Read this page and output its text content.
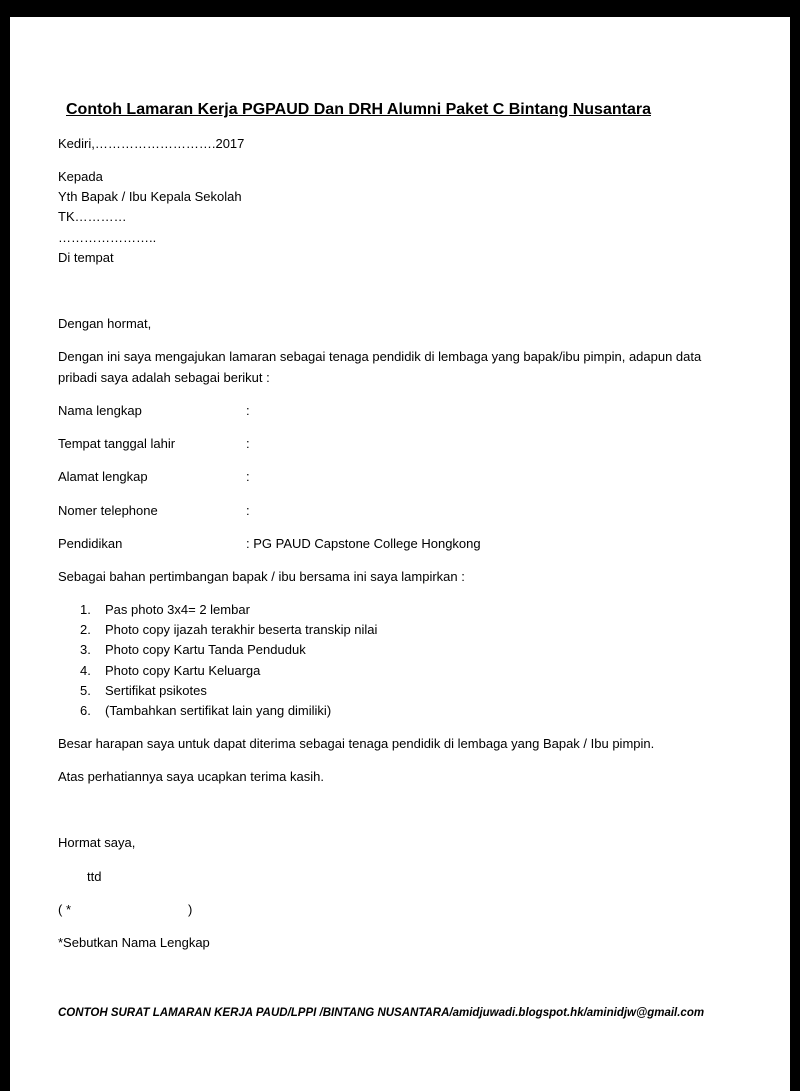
Contoh Lamaran Kerja PGPAUD Dan DRH Alumni Paket C Bintang Nusantara
Kediri,……………………….2017
Kepada
Yth Bapak / Ibu Kepala Sekolah
TK…………
…………………..
Di tempat
Dengan hormat,
Dengan ini saya mengajukan lamaran sebagai tenaga pendidik di lembaga yang bapak/ibu pimpin, adapun data
pribadi saya adalah sebagai berikut :
Nama lengkap	:
Tempat tanggal lahir	:
Alamat lengkap	:
Nomer telephone	:
Pendidikan	: PG PAUD Capstone College Hongkong
Sebagai bahan pertimbangan bapak / ibu bersama ini saya lampirkan :
1. Pas photo 3x4= 2 lembar
2. Photo copy ijazah terakhir beserta transkip nilai
3. Photo copy Kartu Tanda Penduduk
4. Photo copy Kartu Keluarga
5. Sertifikat psikotes
6. (Tambahkan sertifikat lain yang dimiliki)
Besar harapan saya untuk dapat diterima sebagai tenaga pendidik di lembaga yang Bapak / Ibu pimpin.
Atas perhatiannya saya ucapkan terima kasih.
Hormat saya,
ttd
( *	)
*Sebutkan Nama Lengkap
CONTOH SURAT LAMARAN KERJA PAUD/LPPI /BINTANG NUSANTARA/amidjuwadi.blogspot.hk/aminidjw@gmail.com
